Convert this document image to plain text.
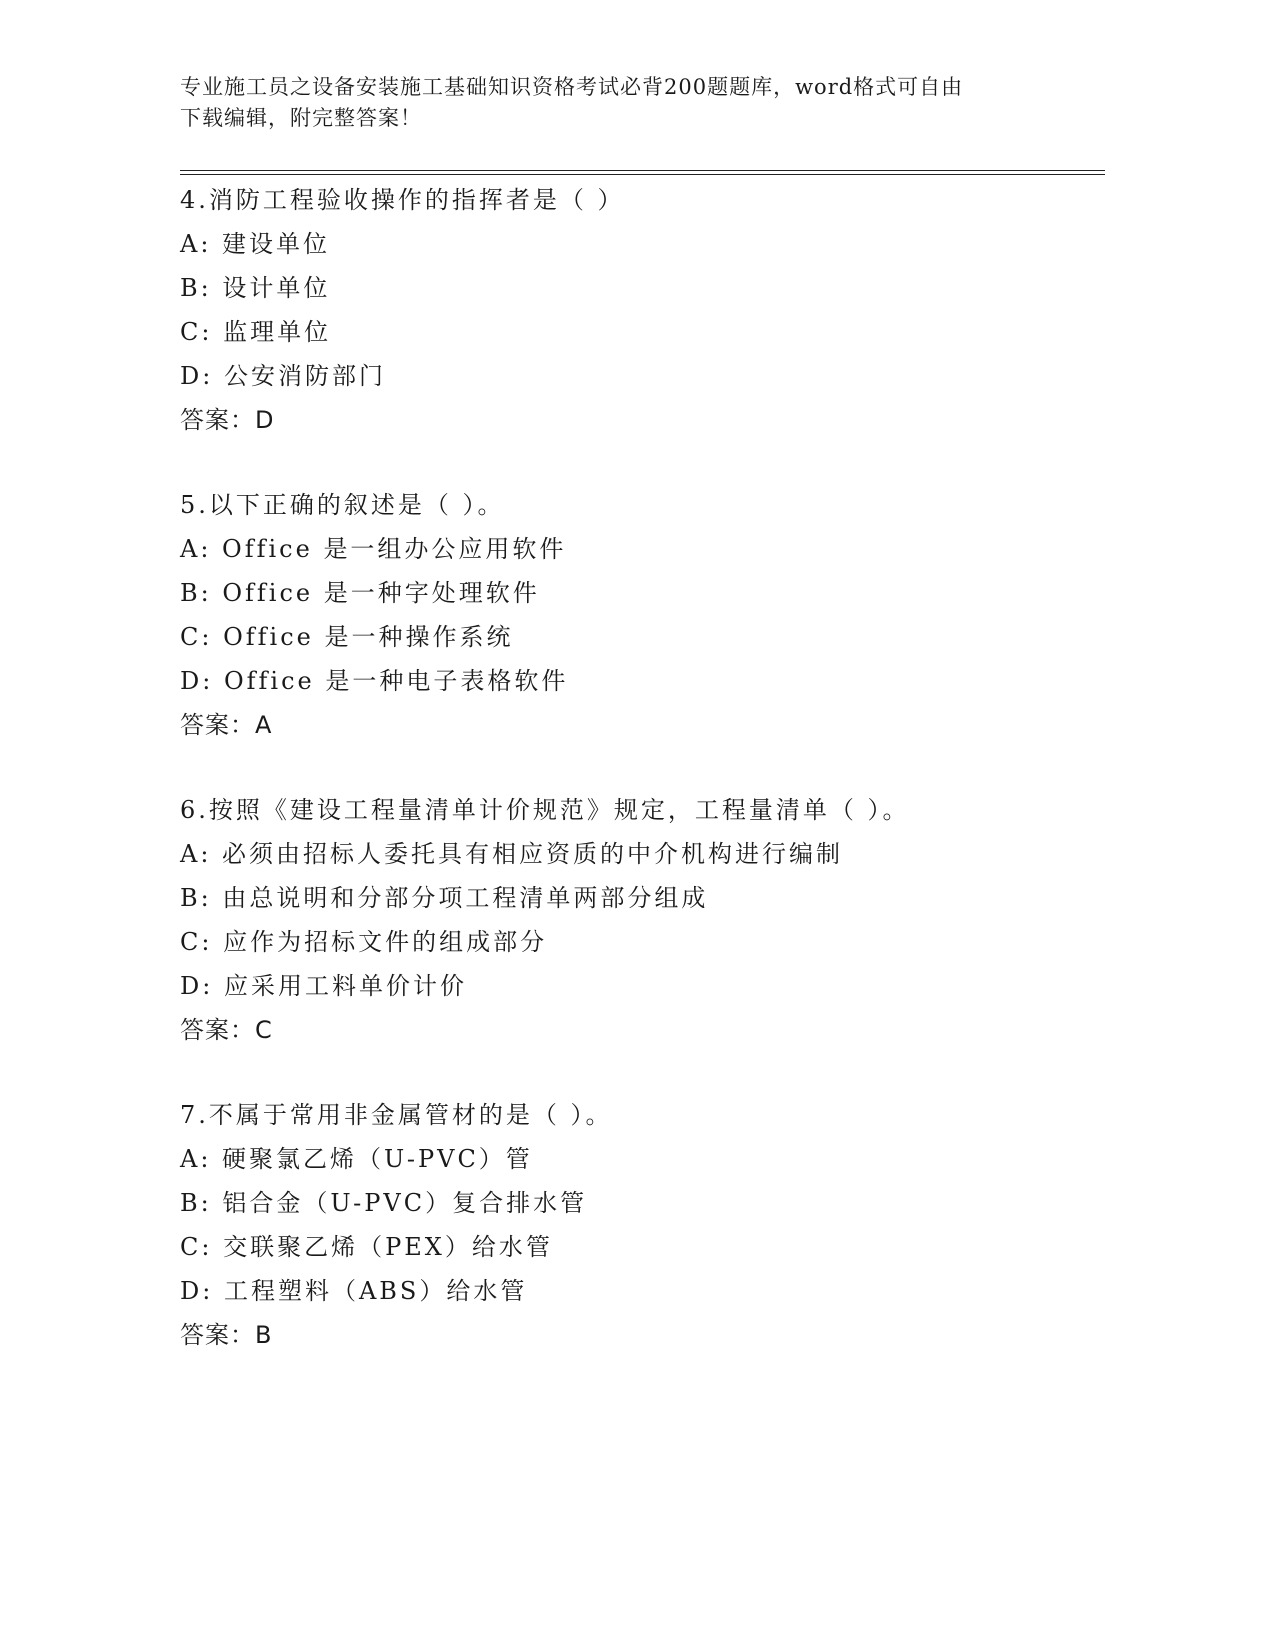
专业施工员之设备安装施工基础知识资格考试必背200题题库，word格式可自由
下载编辑，附完整答案！
4.消防工程验收操作的指挥者是（ ）
A: 建设单位
B: 设计单位
C: 监理单位
D: 公安消防部门
答案：D
5.以下正确的叙述是（ ）。
A: Office 是一组办公应用软件
B: Office 是一种字处理软件
C: Office 是一种操作系统
D: Office 是一种电子表格软件
答案：A
6.按照《建设工程量清单计价规范》规定，工程量清单（ ）。
A: 必须由招标人委托具有相应资质的中介机构进行编制
B: 由总说明和分部分项工程清单两部分组成
C: 应作为招标文件的组成部分
D: 应采用工料单价计价
答案：C
7.不属于常用非金属管材的是（ ）。
A: 硬聚氯乙烯（U-PVC）管
B: 铝合金（U-PVC）复合排水管
C: 交联聚乙烯（PEX）给水管
D: 工程塑料（ABS）给水管
答案：B
